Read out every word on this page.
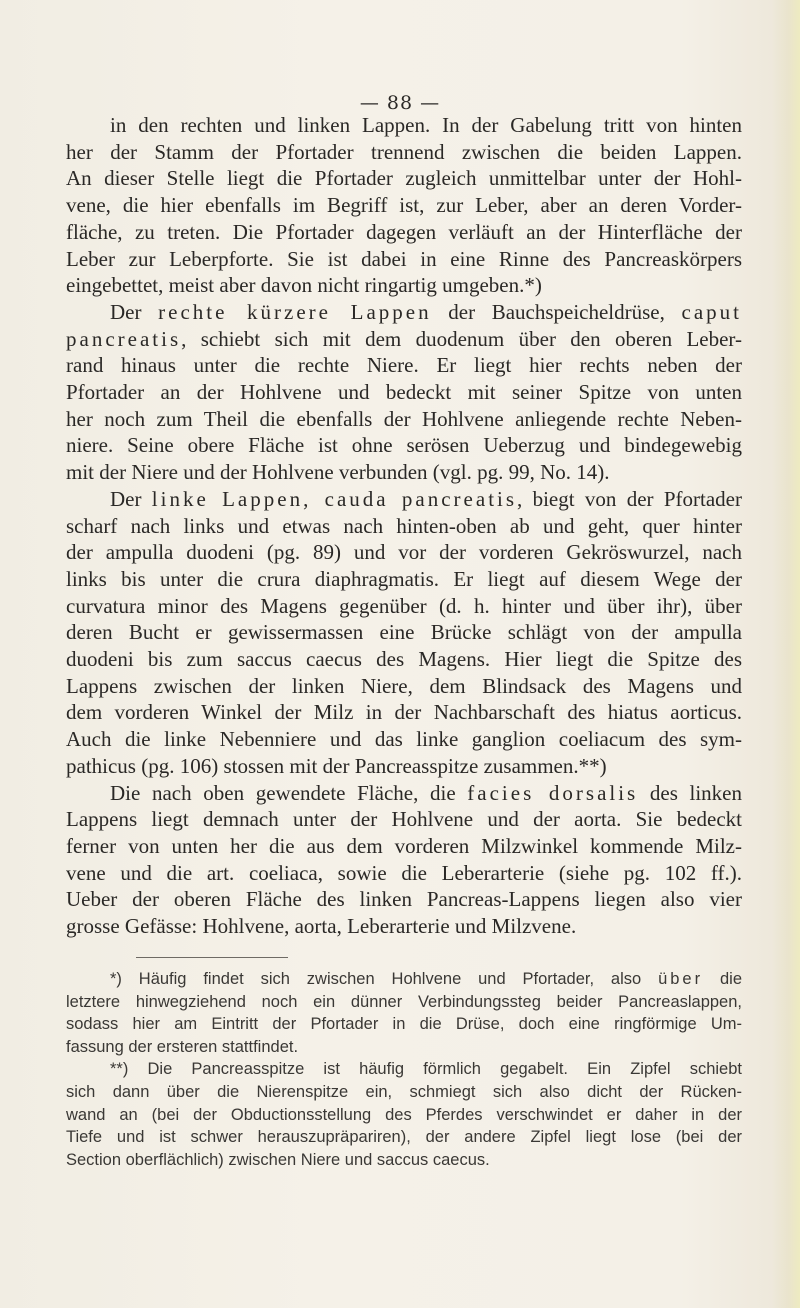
— 88 —
in den rechten und linken Lappen. In der Gabelung tritt von hinten
her der Stamm der Pfortader trennend zwischen die beiden Lappen.
An dieser Stelle liegt die Pfortader zugleich unmittelbar unter der Hohl-
vene, die hier ebenfalls im Begriff ist, zur Leber, aber an deren Vorder-
fläche, zu treten. Die Pfortader dagegen verläuft an der Hinterfläche der
Leber zur Leberpforte. Sie ist dabei in eine Rinne des Pancreaskörpers
eingebettet, meist aber davon nicht ringartig umgeben.*)
Der rechte kürzere Lappen der Bauchspeicheldrüse, caput
pancreatis, schiebt sich mit dem duodenum über den oberen Leber-
rand hinaus unter die rechte Niere. Er liegt hier rechts neben der
Pfortader an der Hohlvene und bedeckt mit seiner Spitze von unten
her noch zum Theil die ebenfalls der Hohlvene anliegende rechte Neben-
niere. Seine obere Fläche ist ohne serösen Ueberzug und bindegewebig
mit der Niere und der Hohlvene verbunden (vgl. pg. 99, No. 14).
Der linke Lappen, cauda pancreatis, biegt von der Pfortader
scharf nach links und etwas nach hinten-oben ab und geht, quer hinter
der ampulla duodeni (pg. 89) und vor der vorderen Gekröswurzel, nach
links bis unter die crura diaphragmatis. Er liegt auf diesem Wege der
curvatura minor des Magens gegenüber (d. h. hinter und über ihr), über
deren Bucht er gewissermassen eine Brücke schlägt von der ampulla
duodeni bis zum saccus caecus des Magens. Hier liegt die Spitze des
Lappens zwischen der linken Niere, dem Blindsack des Magens und
dem vorderen Winkel der Milz in der Nachbarschaft des hiatus aorticus.
Auch die linke Nebenniere und das linke ganglion coeliacum des sym-
pathicus (pg. 106) stossen mit der Pancreasspitze zusammen.**)
Die nach oben gewendete Fläche, die facies dorsalis des linken
Lappens liegt demnach unter der Hohlvene und der aorta. Sie bedeckt
ferner von unten her die aus dem vorderen Milzwinkel kommende Milz-
vene und die art. coeliaca, sowie die Leberarterie (siehe pg. 102 ff.).
Ueber der oberen Fläche des linken Pancreas-Lappens liegen also vier
grosse Gefässe: Hohlvene, aorta, Leberarterie und Milzvene.
*) Häufig findet sich zwischen Hohlvene und Pfortader, also über die
letztere hinwegziehend noch ein dünner Verbindungssteg beider Pancreaslappen,
sodass hier am Eintritt der Pfortader in die Drüse, doch eine ringförmige Um-
fassung der ersteren stattfindet.
**) Die Pancreasspitze ist häufig förmlich gegabelt. Ein Zipfel schiebt
sich dann über die Nierenspitze ein, schmiegt sich also dicht der Rücken-
wand an (bei der Obductionsstellung des Pferdes verschwindet er daher in der
Tiefe und ist schwer herauszupräpariren), der andere Zipfel liegt lose (bei der
Section oberflächlich) zwischen Niere und saccus caecus.
